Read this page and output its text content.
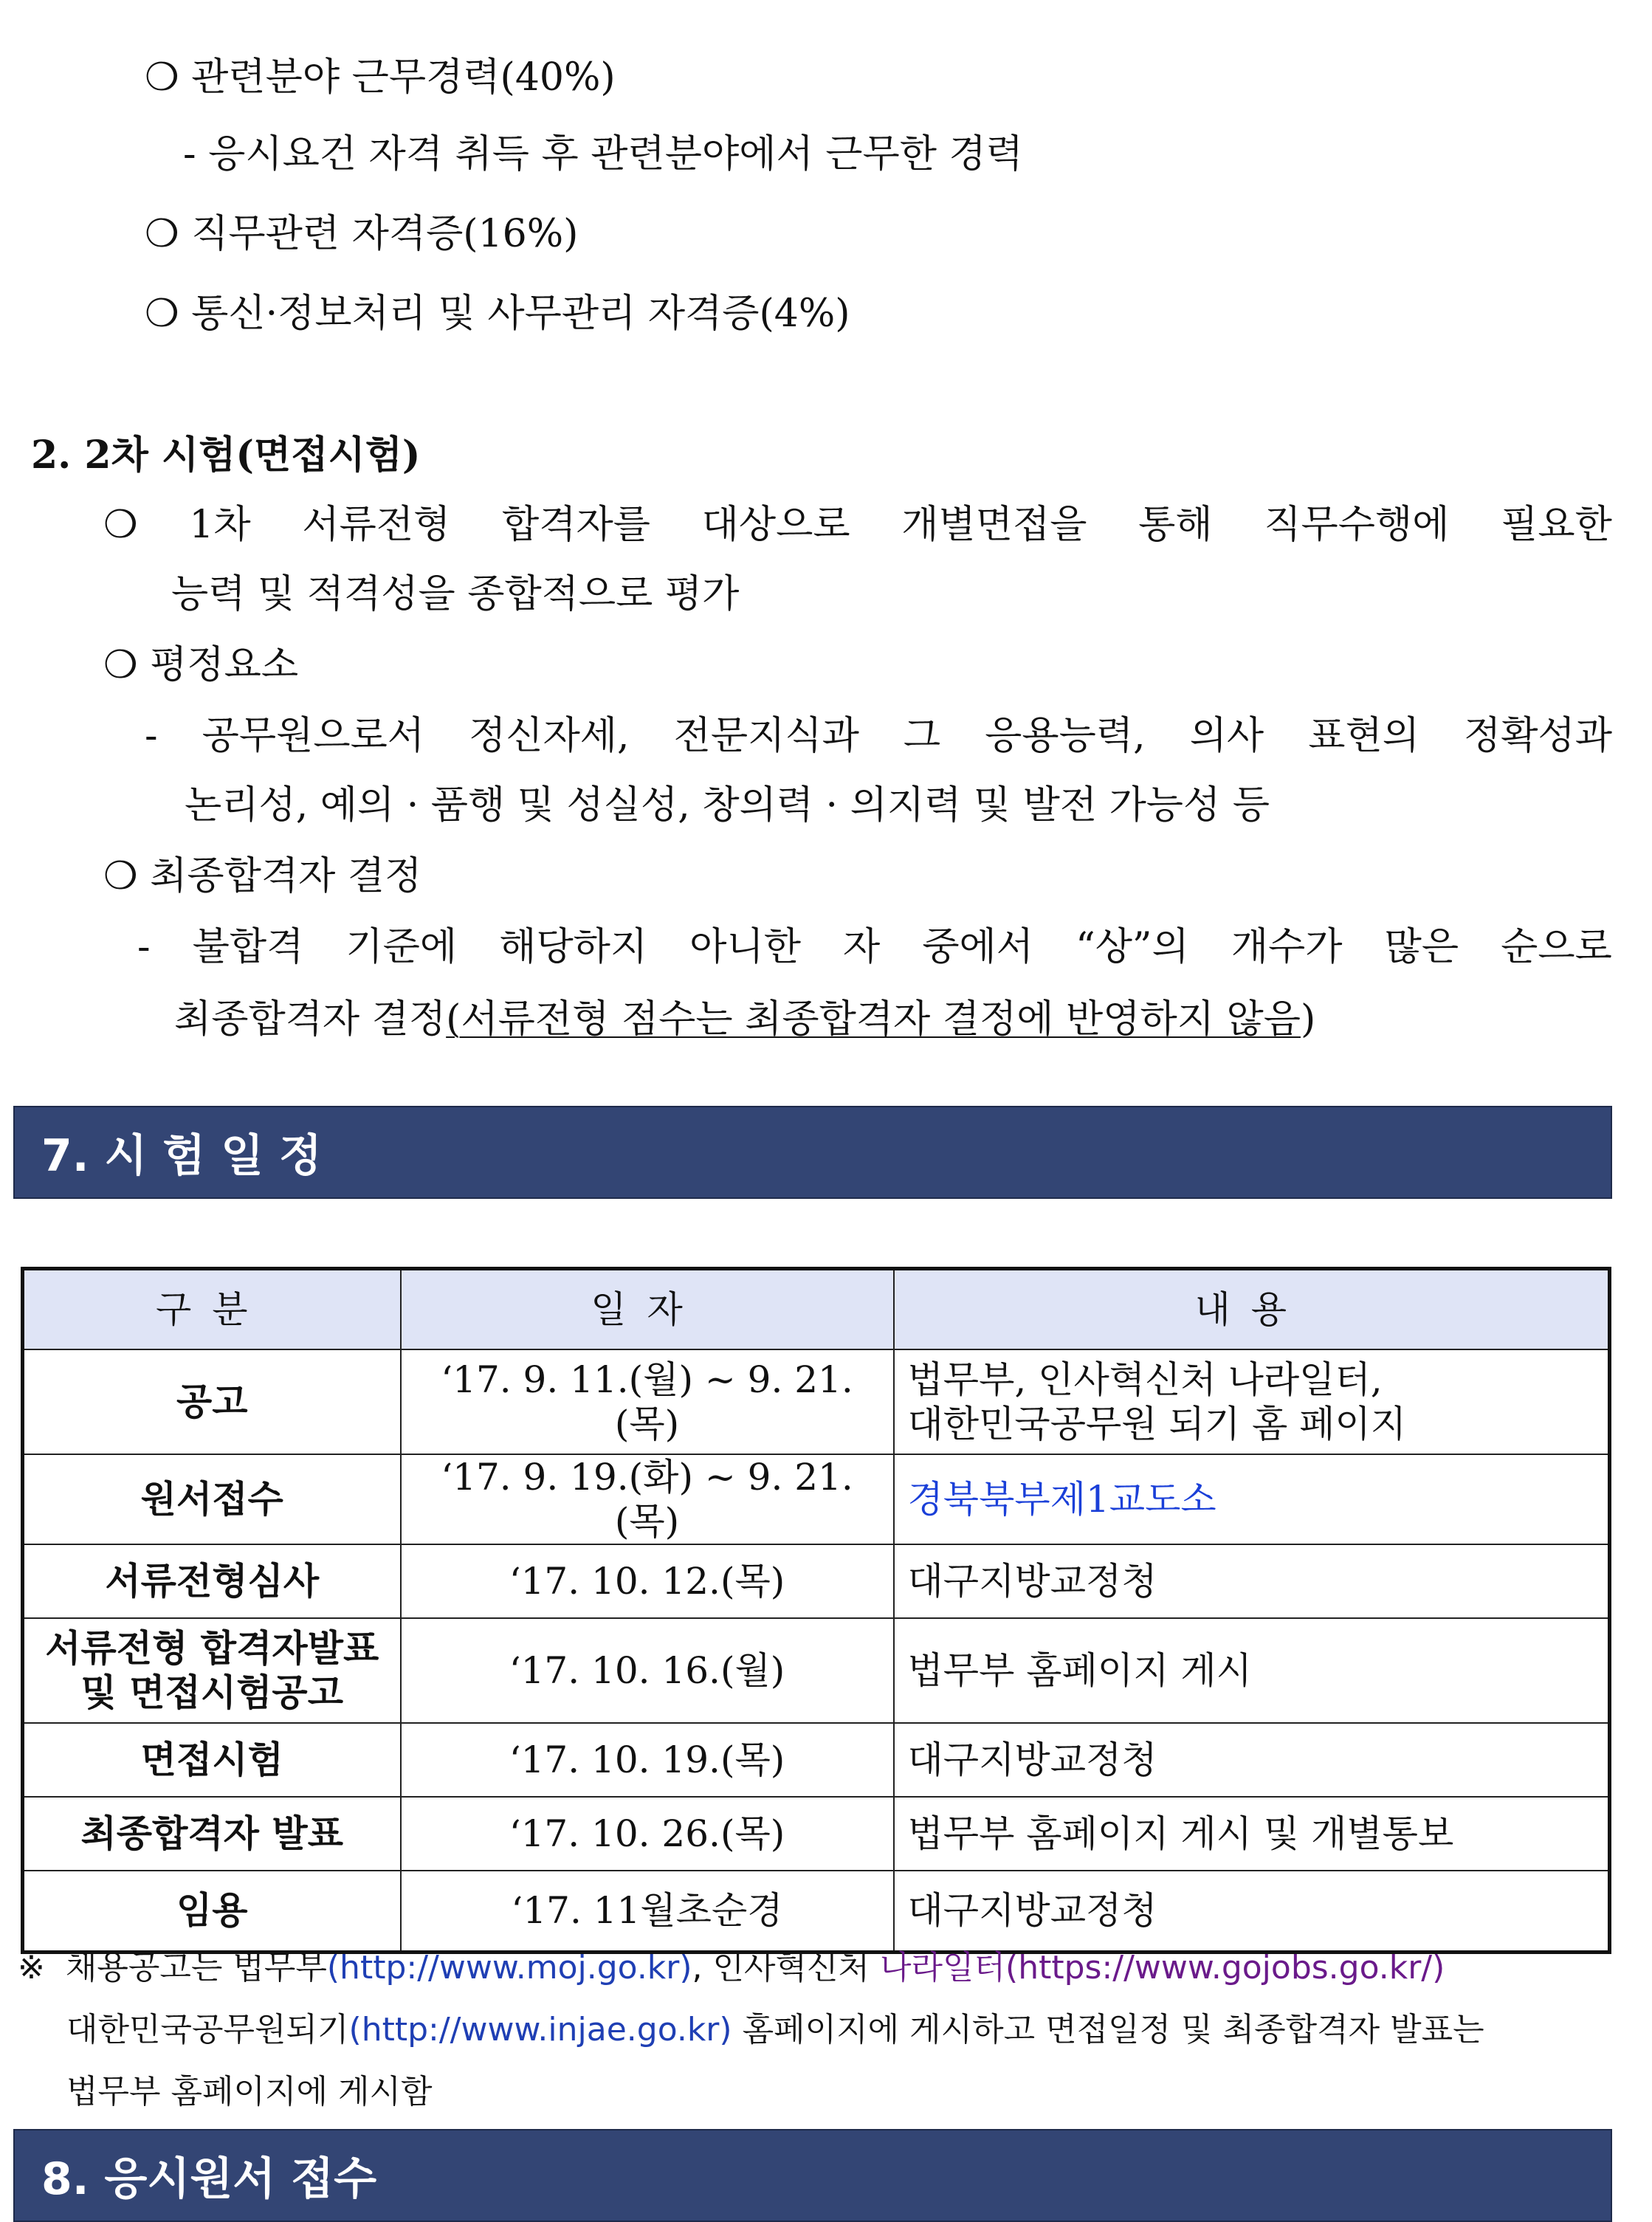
❍ 관련분야 근무경력(40%)
- 응시요건 자격 취득 후 관련분야에서 근무한 경력
❍ 직무관련 자격증(16%)
❍ 통신·정보처리 및 사무관리 자격증(4%)
2. 2차 시험(면접시험)
❍ 1차 서류전형 합격자를 대상으로 개별면접을 통해 직무수행에 필요한
능력 및 적격성을 종합적으로 평가
❍ 평정요소
- 공무원으로서 정신자세, 전문지식과 그 응용능력, 의사 표현의 정확성과
논리성, 예의 · 품행 및 성실성, 창의력 · 의지력 및 발전 가능성 등
❍ 최종합격자 결정
- 불합격 기준에 해당하지 아니한 자 중에서 “상”의 개수가 많은 순으로
최종합격자 결정(서류전형 점수는 최종합격자 결정에 반영하지 않음)
7. 시 험 일 정
구분	일자	내용

공고	‘17. 9. 11.(월) ~ 9. 21.(목)	법무부, 인사혁신처 나라일터,
대한민국공무원 되기 홈 페이지

원서접수	‘17. 9. 19.(화) ~ 9. 21.(목)	경북북부제1교도소

서류전형심사	‘17. 10. 12.(목)	대구지방교정청

서류전형 합격자발표
및 면접시험공고	‘17. 10. 16.(월)	법무부 홈페이지 게시

면접시험	‘17. 10. 19.(목)	대구지방교정청

최종합격자 발표	‘17. 10. 26.(목)	법무부 홈페이지 게시 및 개별통보

임용	‘17. 11월초순경	대구지방교정청
※ 채용공고는 법무부(http://www.moj.go.kr), 인사혁신처 나라일터(https://www.gojobs.go.kr/)
대한민국공무원되기(http://www.injae.go.kr) 홈페이지에 게시하고 면접일정 및 최종합격자 발표는
법무부 홈페이지에 게시함
8. 응시원서 접수
